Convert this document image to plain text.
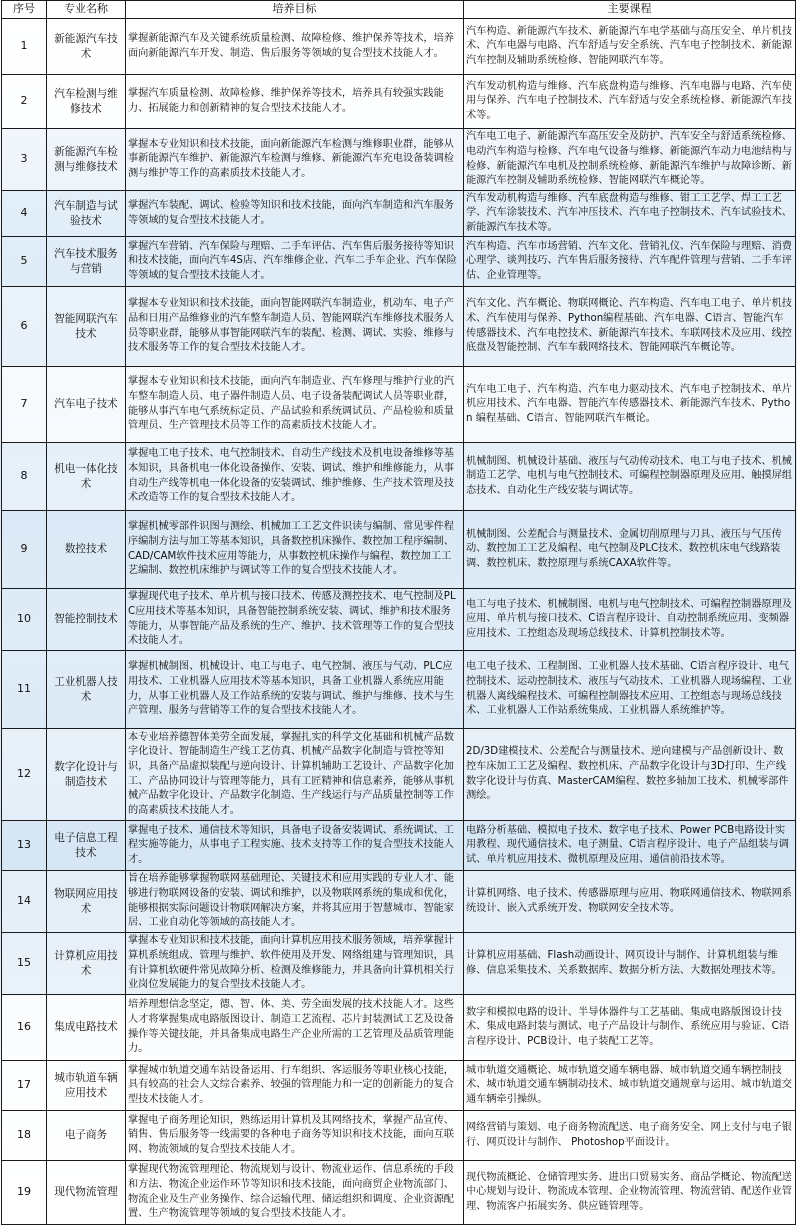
序号	专业名称	培养目标	主要课程
1	新能源汽车技术	掌握新能源汽车及关键系统质量检测、故障检修、维护保养等技术，培养面向新能源汽车开发、制造、售后服务等领域的复合型技术技能人才。	汽车构造、新能源汽车技术、新能源汽车电学基础与高压安全、单片机技术、汽车电器与电路、汽车舒适与安全系统、汽车电子控制技术、新能源汽车控制及辅助系统检修、智能网联汽车等。
2	汽车检测与维修技术	掌握汽车质量检测、故障检修、维护保养等技术，培养具有较强实践能力、拓展能力和创新精神的复合型技术技能人才。	汽车发动机构造与维修、汽车底盘构造与维修、汽车电器与电路、汽车使用与保养、汽车电子控制技术、汽车舒适与安全系统检修、新能源汽车技术等。
3	新能源汽车检测与维修技术	掌握本专业知识和技术技能，面向新能源汽车检测与维修职业群，能够从事新能源汽车维护、新能源汽车检测与维修、新能源汽车充电设备装调检测与维护等工作的高素质技术技能人才。	汽车电工电子、新能源汽车高压安全及防护、汽车安全与舒适系统检修、电动汽车构造与检修、汽车电气设备与维修、新能源汽车动力电池结构与检修、新能源汽车电机及控制系统检修、新能源汽车维护与故障诊断、新能源汽车控制及辅助系统检修、智能网联汽车概论等。
4	汽车制造与试验技术	掌握汽车装配、调试、检验等知识和技术技能，面向汽车制造和汽车服务等领域的复合型技术技能人才。	汽车发动机构造与维修、汽车底盘构造与维修、钳工工艺学、焊工工艺学、汽车涂装技术、汽车冲压技术、汽车电子控制技术、汽车试验技术、新能源汽车技术等。
5	汽车技术服务与营销	掌握汽车营销、汽车保险与理赔、二手车评估、汽车售后服务接待等知识和技术技能，面向汽车4S店、汽车维修企业、汽车二手车企业、汽车保险等领域的复合型技术技能人才。	汽车构造、汽车市场营销、汽车文化、营销礼仪、汽车保险与理赔、消费心理学、谈判技巧、汽车售后服务接待、汽车配件管理与营销、二手车评估、企业管理等。
6	智能网联汽车技术	掌握本专业知识和技术技能，面向智能网联汽车制造业，机动车、电子产品和日用产品维修业的汽车整车制造人员、智能网联汽车维修技术服务人员等职业群，能够从事智能网联汽车的装配、检测、调试、实验、维修与技术服务等工作的复合型技术技能人才。	汽车文化、汽车概论、物联网概论、汽车构造、汽车电工电子、单片机技术、汽车使用与保养、Python编程基础、汽车电器、C语言、智能汽车传感器技术、汽车电控技术、新能源汽车技术、车联网技术及应用、线控底盘及智能控制、汽车车载网络技术、智能网联汽车概论等。
7	汽车电子技术	掌握本专业知识和技术技能，面向汽车制造业、汽车修理与维护行业的汽车整车制造人员、电子器件制造人员、电子设备装配调试人员等职业群，能够从事汽车电气系统标定员、产品试验和系统调试员、产品检验和质量管理员、生产管理技术员等工作的高素质技术技能人才。	汽车电工电子、汽车构造、汽车电力驱动技术、汽车电子控制技术、单片机应用技术、汽车电器、智能汽车传感器技术、新能源汽车技术、Python 编程基础、C语言、智能网联汽车概论。
8	机电一体化技术	掌握电工电子技术、电气控制技术、自动生产线技术及机电设备维修等基本知识，具备机电一体化设备操作、安装、调试、维护和维修能力，从事自动生产线等机电一体化设备的安装调试、维护维修、生产技术管理及技术改造等工作的复合型技术技能人才。	机械制图、机械设计基础、液压与气动传动技术、电工与电子技术、机械制造工艺学、电机与电气控制技术、可编程控制器原理及应用、触摸屏组态技术、自动化生产线安装与调试等。
9	数控技术	掌握机械零部件识图与测绘、机械加工工艺文件识读与编制、常见零件程序编制方法与加工等基本知识，具备数控机床操作、数控加工程序编制、CAD/CAM软件技术应用等能力，从事数控机床操作与编程、数控加工工艺编制、数控机床维护与调试等工作的复合型技术技能人才。	机械制图、公差配合与测量技术、金属切削原理与刀具、液压与气压传动、数控加工工艺及编程、电气控制及PLC技术、数控机床电气线路装调、数控机床、数控原理与系统CAXA软件等。
10	智能控制技术	掌握现代电子技术、单片机与接口技术、传感及测控技术、电气控制及PLC应用技术等基本知识，具备智能控制系统安装、调试、维护和技术服务等能力，从事智能产品及系统的生产、维护、技术管理等工作的复合型技术技能人才。	电工与电子技术、机械制图、电机与电气控制技术、可编程控制器原理及应用、单片机与接口技术、C语言程序设计、自动控制系统应用、变频器应用技术、工控组态及现场总线技术、计算机控制技术等。
11	工业机器人技术	掌握机械制图、机械设计、电工与电子、电气控制、液压与气动、PLC应用技术、工业机器人应用技术等基本知识，具备工业机器人系统应用能力，从事工业机器人及工作站系统的安装与调试、维护与维修、技术与生产管理、服务与营销等工作的复合型技术技能人才。	电工电子技术、工程制图、工业机器人技术基础、C语言程序设计、电气控制技术、运动控制技术、液压与气动技术、工业机器人现场编程、工业机器人离线编程技术、可编程控制器技术应用、工控组态与现场总线技术、工业机器人工作站系统集成、工业机器人系统维护等。
12	数字化设计与制造技术	本专业培养德智体美劳全面发展，掌握扎实的科学文化基础和机械产品数字化设计、智能制造生产线工艺仿真、机械产品数字化制造与管控等知识，具备产品虚拟装配与逆向设计、计算机辅助工艺设计、产品数字化加工、产品协同设计与管理等能力，具有工匠精神和信息素养，能够从事机械产品数字化设计、产品数字化制造、生产线运行与产品质量控制等工作的高素质技术技能人才。	2D/3D建模技术、公差配合与测量技术、逆向建模与产品创新设计、数控车床加工工艺及编程、数控机床、产品数字化设计与3D打印、生产线数字化设计与仿真、MasterCAM编程、数控多轴加工技术、机械零部件测绘。
13	电子信息工程技术	掌握电子技术、通信技术等知识，具备电子设备安装调试、系统调试、工程实施等能力，从事电子工程实施、技术支持等工作的复合型技术技能人才。	电路分析基础、模拟电子技术、数字电子技术、Power PCB电路设计实用教程、现代通信技术、电子测量、C语言程序设计、电子产品组装与调试、单片机应用技术、微机原理及应用、通信前沿技术等。
14	物联网应用技术	旨在培养能够掌握物联网基础理论、关键技术和应用实践的专业人才、能够进行物联网设备的安装、调试和维护，以及物联网系统的集成和优化，能够根据实际问题设计物联网解决方案，并将其应用于智慧城市、智能家居、工业自动化等领域的高技能人才。	计算机网络、电子技术、传感器原理与应用、物联网通信技术、物联网系统设计、嵌入式系统开发、物联网安全技术等。
15	计算机应用技术	掌握本专业知识和技术技能，面向计算机应用技术服务领域，培养掌握计算机系统组成、管理与维护、软件使用及开发、网络组建与管理知识，具有计算机软硬件常见故障分析、检测及维修能力，并具备向计算机相关行业岗位发展能力的复合型技术技能人才。	计算机应用基础、Flash动画设计、网页设计与制作、计算机组装与维修、信息采集技术、关系数据库、数据分析方法、大数据处理技术等。
16	集成电路技术	培养理想信念坚定，德、智、体、美、劳全面发展的技术技能人才。这些人才将掌握集成电路版图设计、制造工艺流程、芯片封装测试工艺及设备操作等关键技能，并具备集成电路生产企业所需的工艺管理及品质管理能力。	数字和模拟电路的设计、半导体器件与工艺基础、集成电路版图设计技术、集成电路封装与测试、电子产品设计与制作、系统应用与验证、C语言程序设计、PCB设计、电子装配工艺等。
17	城市轨道车辆应用技术	掌握城市轨道交通车站设备运用、行车组织、客运服务等职业核心技能，具有较高的社会人文综合素养、较强的管理能力和一定的创新能力的复合型技术技能人才。	城市轨道交通概论、城市轨道交通车辆电器、城市轨道交通车辆控制技术、城市轨道交通车辆制动技术、城市轨道交通规章与运用、城市轨道交通车辆牵引操纵。
18	电子商务	掌握电子商务理论知识，熟练运用计算机及其网络技术，掌握产品宣传、销售、售后服务等一线需要的各种电子商务等知识和技术技能，面向互联网、物流领域的复合型技术技能人才。	网络营销与策划、电子商务物流配送、电子商务安全、网上支付与电子银行、网页设计与制作、 Photoshop平面设计。
19	现代物流管理	掌握现代物流管理理论、物流规划与设计、物流业运作、信息系统的手段和方法、物流企业运作环节等知识和技术技能，面向商贸企业物流部门、物流企业及生产业务操作、综合运输代理、储运组织和调度、企业资源配置、生产物流管理等领域的复合型技术技能人才。	现代物流概论、仓储管理实务、进出口贸易实务、商品学概论、物流配送中心规划与设计、物流成本管理、企业物流管理、物流营销、配送作业管理、物流客户拓展实务、供应链管理等。
